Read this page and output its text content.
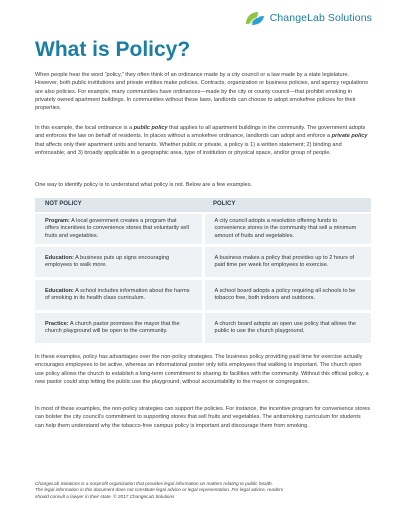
ChangeLab Solutions
What is Policy?

When people hear the word “policy,” they often think of an ordinance made by a city council or a law made by a state legislature. However, both public institutions and private entities make policies. Contracts, organization or business policies, and agency regulations are also policies. For example, many communities have ordinances—made by the city or county council—that prohibit smoking in privately owned apartment buildings. In communities without these laws, landlords can choose to adopt smokefree policies for their properties.

In this example, the local ordinance is a public policy that applies to all apartment buildings in the community. The government adopts and enforces the law on behalf of residents. In places without a smokefree ordinance, landlords can adopt and enforce a private policy that affects only their apartment units and tenants. Whether public or private, a policy is 1) a written statement; 2) binding and enforceable; and 3) broadly applicable to a geographic area, type of institution or physical space, and/or group of people.

One way to identify policy is to understand what policy is not. Below are a few examples.

NOT POLICY	POLICY
Program: A local government creates a program that offers incentives to convenience stores that voluntarily sell fruits and vegetables.	A city council adopts a resolution offering funds to convenience stores in the community that sell a minimum amount of fruits and vegetables.
Education: A business puts up signs encouraging employees to walk more.	A business makes a policy that provides up to 2 hours of paid time per week for employees to exercise.
Education: A school includes information about the harms of smoking in its health class curriculum.	A school board adopts a policy requiring all schools to be tobacco free, both indoors and outdoors.
Practice: A church pastor promises the mayor that the church playground will be open to the community.	A church board adopts an open use policy that allows the public to use the church playground.

In these examples, policy has advantages over the non-policy strategies. The business policy providing paid time for exercise actually encourages employees to be active, whereas an informational poster only tells employees that walking is important. The church open use policy allows the church to establish a long-term commitment to sharing its facilities with the community. Without this official policy, a new pastor could stop letting the public use the playground, without accountability to the mayor or congregation.

In most of these examples, the non-policy strategies can support the policies. For instance, the incentive program for convenience stores can bolster the city council’s commitment to supporting stores that sell fruits and vegetables. The antismoking curriculum for students can help them understand why the tobacco-free campus policy is important and discourage them from smoking.

ChangeLab Solutions is a nonprofit organization that provides legal information on matters relating to public health.
The legal information in this document does not constitute legal advice or legal representation. For legal advice, readers
should consult a lawyer in their state. © 2017 ChangeLab Solutions
